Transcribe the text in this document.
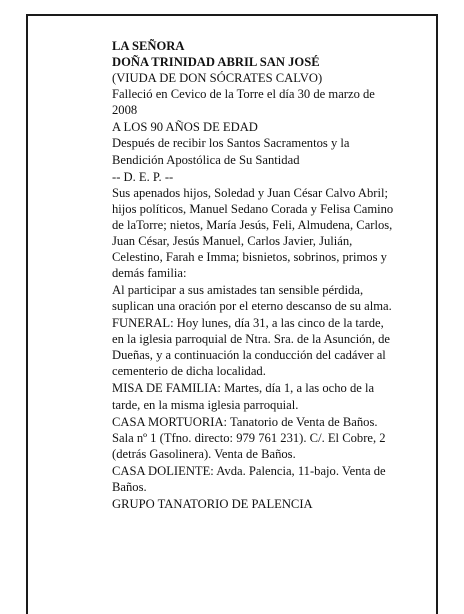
LA SEÑORA
DOÑA TRINIDAD ABRIL SAN JOSÉ
(VIUDA DE DON SÓCRATES CALVO)
Falleció en Cevico de la Torre el día 30 de marzo de
2008
A LOS 90 AÑOS DE EDAD
Después de recibir los Santos Sacramentos y la
Bendición Apostólica de Su Santidad
-- D. E. P. --
Sus apenados hijos, Soledad y Juan César Calvo Abril;
hijos políticos, Manuel Sedano Corada y Felisa Camino
de laTorre; nietos, María Jesús, Feli, Almudena, Carlos,
Juan César, Jesús Manuel, Carlos Javier, Julián,
Celestino, Farah e Imma; bisnietos, sobrinos, primos y
demás familia:
Al participar a sus amistades tan sensible pérdida,
suplican una oración por el eterno descanso de su alma.
FUNERAL: Hoy lunes, día 31, a las cinco de la tarde,
en la iglesia parroquial de Ntra. Sra. de la Asunción, de
Dueñas, y a continuación la conducción del cadáver al
cementerio de dicha localidad.
MISA DE FAMILIA: Martes, día 1, a las ocho de la
tarde, en la misma iglesia parroquial.
CASA MORTUORIA: Tanatorio de Venta de Baños.
Sala nº 1 (Tfno. directo: 979 761 231). C/. El Cobre, 2
(detrás Gasolinera). Venta de Baños.
CASA DOLIENTE: Avda. Palencia, 11-bajo. Venta de
Baños.
GRUPO TANATORIO DE PALENCIA
